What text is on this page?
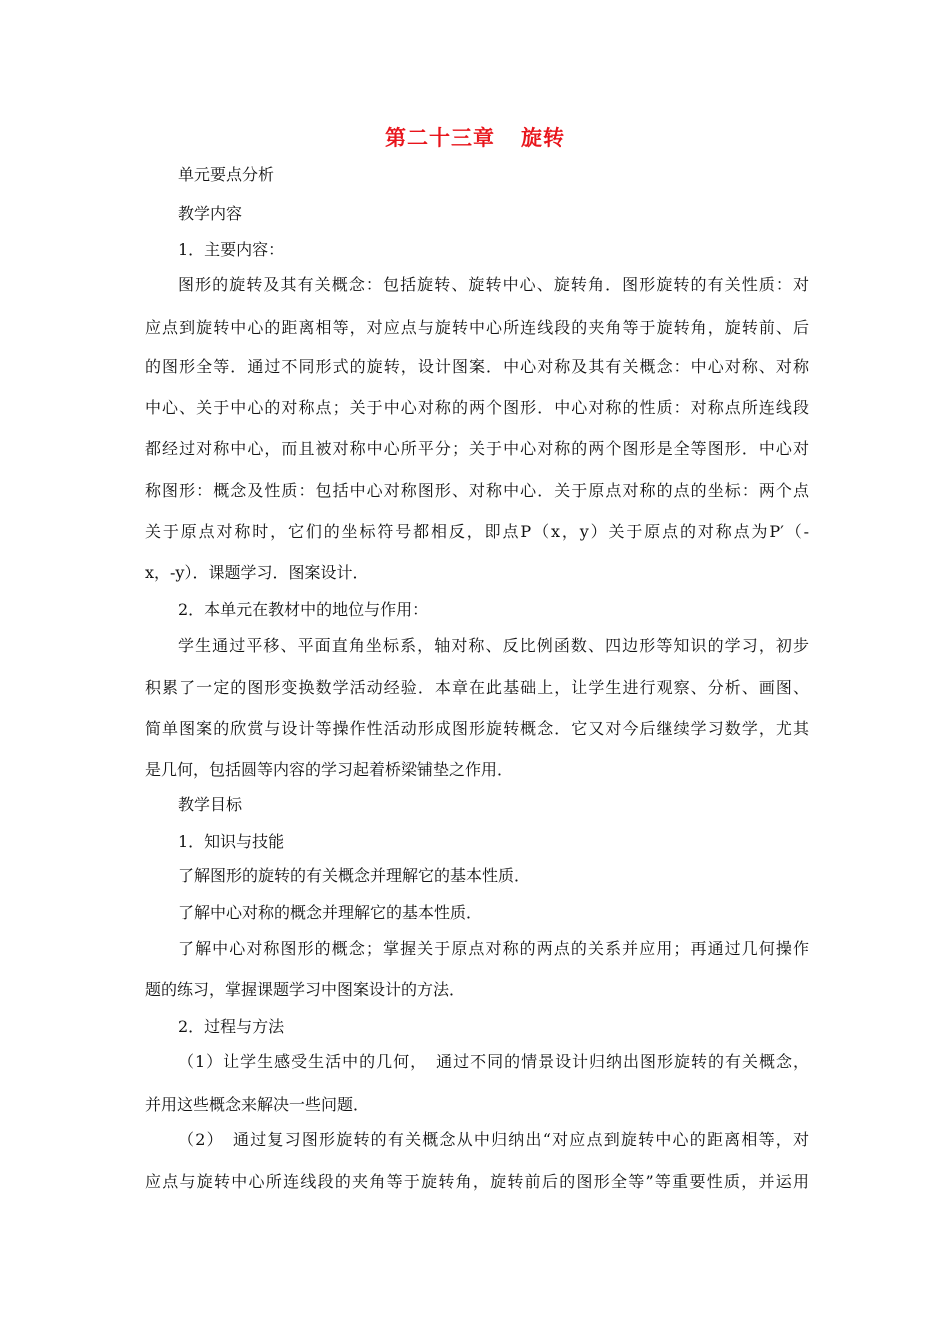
第二十三章 旋转
单元要点分析
教学内容
1．主要内容：
图形的旋转及其有关概念：包括旋转、旋转中心、旋转角．图形旋转的有关性质：对
应点到旋转中心的距离相等，对应点与旋转中心所连线段的夹角等于旋转角，旋转前、后
的图形全等．通过不同形式的旋转，设计图案．中心对称及其有关概念：中心对称、对称
中心、关于中心的对称点；关于中心对称的两个图形．中心对称的性质：对称点所连线段
都经过对称中心，而且被对称中心所平分；关于中心对称的两个图形是全等图形．中心对
称图形：概念及性质：包括中心对称图形、对称中心．关于原点对称的点的坐标：两个点
关于原点对称时，它们的坐标符号都相反，即点P（x，y）关于原点的对称点为P′（-
x，-y）．课题学习．图案设计．
2．本单元在教材中的地位与作用：
学生通过平移、平面直角坐标系，轴对称、反比例函数、四边形等知识的学习，初步
积累了一定的图形变换数学活动经验．本章在此基础上，让学生进行观察、分析、画图、
简单图案的欣赏与设计等操作性活动形成图形旋转概念．它又对今后继续学习数学，尤其
是几何，包括圆等内容的学习起着桥梁铺垫之作用．
教学目标
1．知识与技能
了解图形的旋转的有关概念并理解它的基本性质．
了解中心对称的概念并理解它的基本性质．
了解中心对称图形的概念；掌握关于原点对称的两点的关系并应用；再通过几何操作
题的练习，掌握课题学习中图案设计的方法．
2．过程与方法
（1）让学生感受生活中的几何，　通过不同的情景设计归纳出图形旋转的有关概念，
并用这些概念来解决一些问题．
（2）　通过复习图形旋转的有关概念从中归纳出“对应点到旋转中心的距离相等，对
应点与旋转中心所连线段的夹角等于旋转角，旋转前后的图形全等”等重要性质，并运用
